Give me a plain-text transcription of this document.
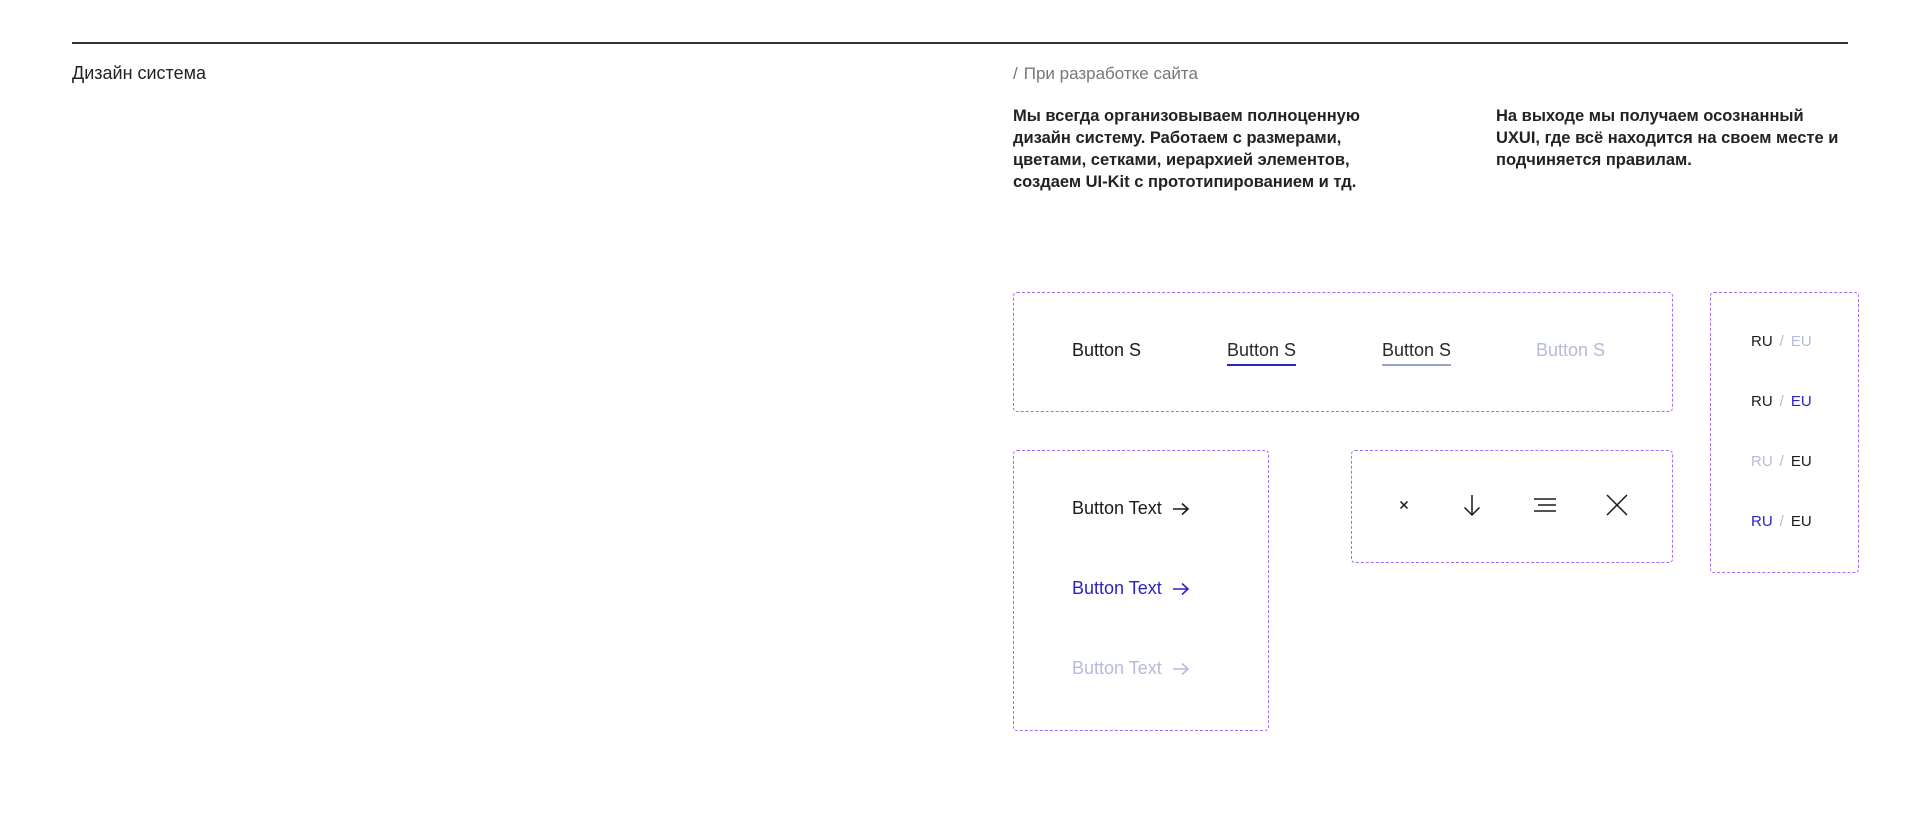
Дизайн система	/ При разработке сайта
Мы всегда организовываем полноценную дизайн систему. Работаем с размерами, цветами, сетками, иерархией элементов, создаем UI-Kit с прототипированием и тд.
На выходе мы получаем осознанный UXUI, где всё находится на своем месте и подчиняется правилам.
Button S	Button S	Button S	Button S
Button Text
Button Text
Button Text
RU / EU
RU / EU
RU / EU
RU / EU
